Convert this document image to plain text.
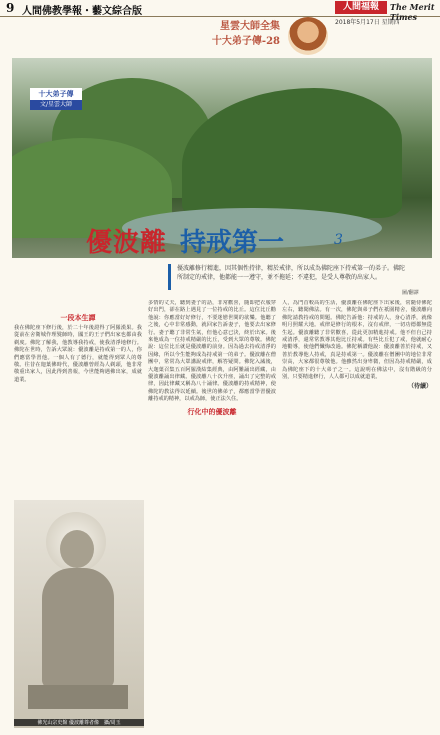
9 人間佛教學報・藝文綜合版	人間福報	The Merit Times
2018年5月17日 星期四
星雲大師全集
十大弟子傳-28
十大弟子傳
文/星雲大師
優波離 持戒第一	3
圖/翻譯
優波離修行精進，因其個性持律，精於戒律，所以成為佛陀座下持戒第一的弟子。佛陀所制定的戒律，他都能一一遵守，並不拖延；不違犯，是受人尊敬的出家人。
一段本生譚
我在佛陀座下修行後，於二十年後證得了阿羅漢果。我從前在舍衛城作理髮師時，國王的王子們出家也都由我剃度。佛陀了解我，他教導我持戒，使我清淨地修行。佛陀在世時，告訴大眾說：優波離是持戒第一的人，你們應當學習他。一個人有了德行，就能得到眾人的尊敬。往昔在迦葉佛時代，優波離曾經為人剃頭，他非常敬重出家人，因此得到善報，今世能夠遇佛出家，成就道業。
多情的丈夫，聽到妻子的話，非常歡喜，隨即把衣服穿好出門，卻在路上遇見了一位持戒的比丘。這位比丘勸他說：你應當好好修行，不要迷戀世間的欲樂。他聽了之後，心中非常感動，就回家告訴妻子，他要去出家修行。妻子聽了非常生氣，但他心意已決，終於出家。後來他成為一位持戒精嚴的比丘，受到大眾的尊敬。佛陀說：這位比丘就是優波離的前身。因為過去持戒清淨的因緣，所以今生能夠成為持戒第一的弟子。優波離在僧團中，常常為大眾講說戒律，解答疑問。佛陀入滅後，大迦葉召集五百阿羅漢結集經典，由阿難誦出經藏，由優波離誦出律藏。優波離八十次升座，誦出了完整的戒律，因此律藏又稱為八十誦律。優波離的持戒精神，使佛陀的教法得以延續。後世的佛弟子，都應當學習優波離持戒的精神，以戒為師，使正法久住。
行化中的優波離
人，為門首較高的生活，優波離在佛陀座下出家後，常隨侍佛陀左右，聽聞佛法。有一次，佛陀與弟子們在祇園精舍，優波離向佛陀請教持戒的問題。佛陀告訴他：持戒的人，身心清淨，就像明月照耀大地。戒律是修行的根本，沒有戒律，一切功德都無從生起。優波離聽了非常歡喜，從此更加精進持戒。他不但自己持戒清淨，還常常教導其他比丘持戒。有些比丘犯了戒，他就耐心地勸導，使他們懺悔改過。佛陀稱讚他說：優波離善於持戒，又善於教導他人持戒，真是持戒第一。優波離在僧團中的地位非常崇高，大家都很尊敬他。他雖然出身卑微，但因為持戒精嚴，成為佛陀座下的十大弟子之一。這說明在佛法中，沒有階級的分別，只要精進修行，人人都可以成就道業。
（待續）
佛光山宗史館 優波離尊者像　攝/周玉
